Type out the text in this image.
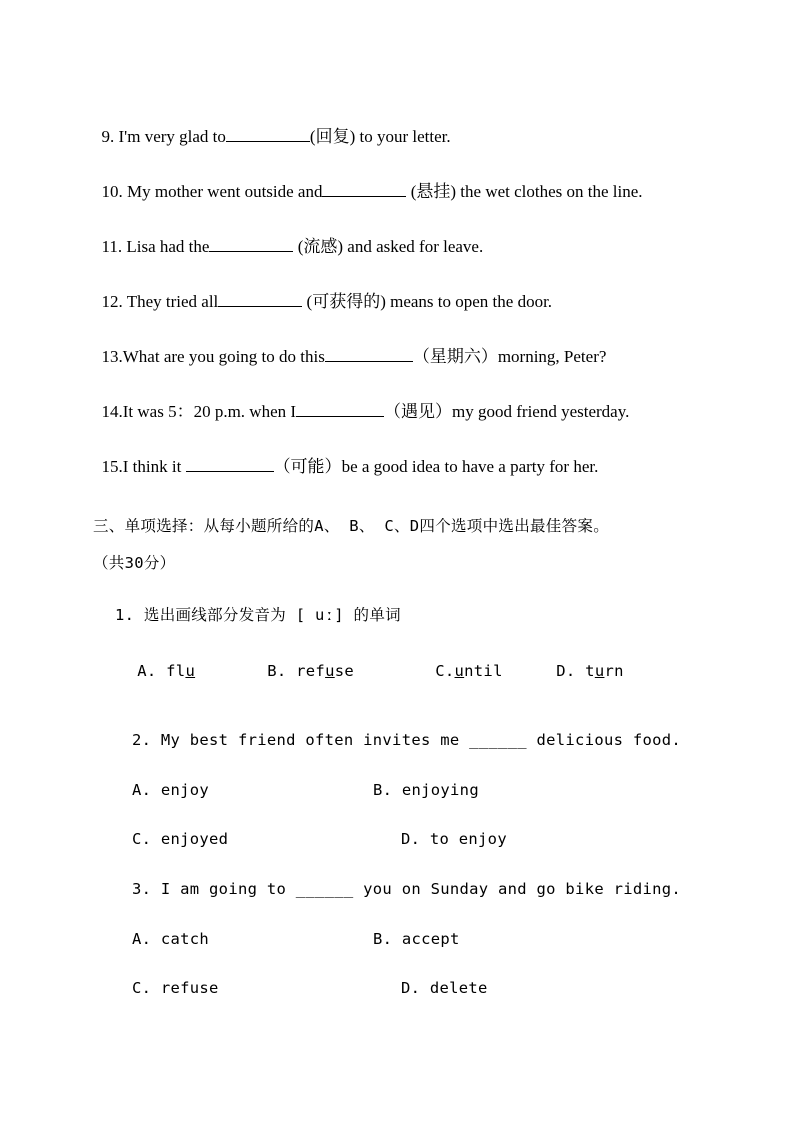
9. I'm very glad to	(回复) to your letter.

10. My mother went outside and	(悬挂) the wet clothes on the line.

11. Lisa had the	(流感) and asked for leave.

12. They tried all	(可获得的) means to open the door.

13.What are you going to do this	（星期六）morning, Peter?

14.It was 5：20 p.m. when I	（遇见）my good friend yesterday.

15.I think it	（可能）be a good idea to have a party for her.

三、单项选择：从每小题所给的A、 B、 C、D四个选项中选出最佳答案。
（共30分）
1. 选出画线部分发音为 [ uː] 的单词

A. flu	B. refuse	C.until	D. turn

2. My best friend often invites me ______ delicious food.
A. enjoy	B. enjoying
C. enjoyed	D. to enjoy
3. I am going to ______ you on Sunday and go bike riding.
A. catch	B. accept
C. refuse	D. delete
